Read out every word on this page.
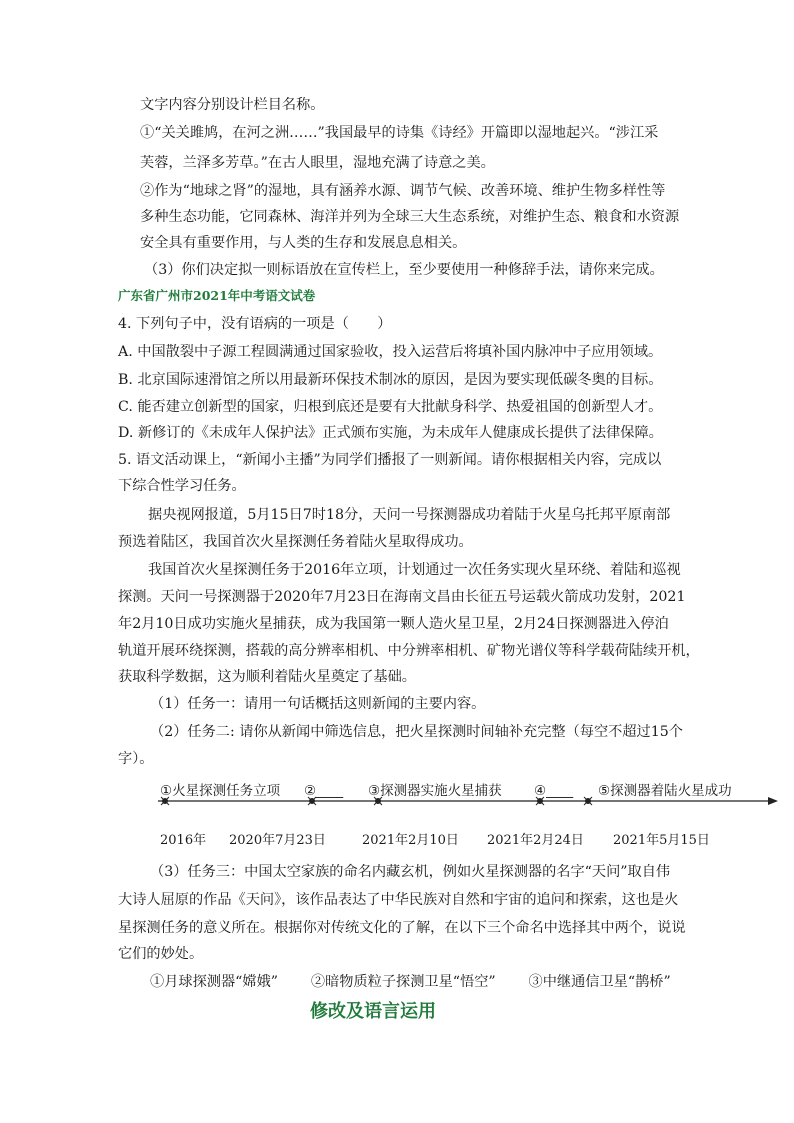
文字内容分别设计栏目名称。
①“关关雎鸠，在河之洲……”我国最早的诗集《诗经》开篇即以湿地起兴。“涉江采
芙蓉，兰泽多芳草。”在古人眼里，湿地充满了诗意之美。
②作为“地球之肾”的湿地，具有涵养水源、调节气候、改善环境、维护生物多样性等
多种生态功能，它同森林、海洋并列为全球三大生态系统，对维护生态、粮食和水资源
安全具有重要作用，与人类的生存和发展息息相关。
（3）你们决定拟一则标语放在宣传栏上，至少要使用一种修辞手法，请你来完成。
广东省广州市2021年中考语文试卷
4. 下列句子中，没有语病的一项是（　　）
A. 中国散裂中子源工程圆满通过国家验收，投入运营后将填补国内脉冲中子应用领域。
B. 北京国际速滑馆之所以用最新环保技术制冰的原因，是因为要实现低碳冬奥的目标。
C. 能否建立创新型的国家，归根到底还是要有大批献身科学、热爱祖国的创新型人才。
D. 新修订的《未成年人保护法》正式颁布实施，为未成年人健康成长提供了法律保障。
5. 语文活动课上，“新闻小主播”为同学们播报了一则新闻。请你根据相关内容，完成以
下综合性学习任务。
据央视网报道，5月15日7时18分，天问一号探测器成功着陆于火星乌托邦平原南部
预选着陆区，我国首次火星探测任务着陆火星取得成功。
我国首次火星探测任务于2016年立项，计划通过一次任务实现火星环绕、着陆和巡视
探测。天问一号探测器于2020年7月23日在海南文昌由长征五号运载火箭成功发射，2021
年2月10日成功实施火星捕获，成为我国第一颗人造火星卫星，2月24日探测器进入停泊
轨道开展环绕探测，搭载的高分辨率相机、中分辨率相机、矿物光谱仪等科学载荷陆续开机，
获取科学数据，这为顺利着陆火星奠定了基础。
（1）任务一：请用一句话概括这则新闻的主要内容。
（2）任务二: 请你从新闻中筛选信息，把火星探测时间轴补充完整（每空不超过15个
字）。
①火星探测任务立项 ②____ ③探测器实施火星捕获 ④____ ⑤探测器着陆火星成功
2016年 2020年7月23日	2021年2月10日 2021年2月24日 2021年5月15日
（3）任务三：中国太空家族的命名内藏玄机，例如火星探测器的名字“天问”取自伟
大诗人屈原的作品《天问》，该作品表达了中华民族对自然和宇宙的追问和探索，这也是火
星探测任务的意义所在。根据你对传统文化的了解，在以下三个命名中选择其中两个，说说
它们的妙处。
①月球探测器“嫦娥”　　 ②暗物质粒子探测卫星“悟空”　　 ③中继通信卫星“鹊桥”
修改及语言运用
